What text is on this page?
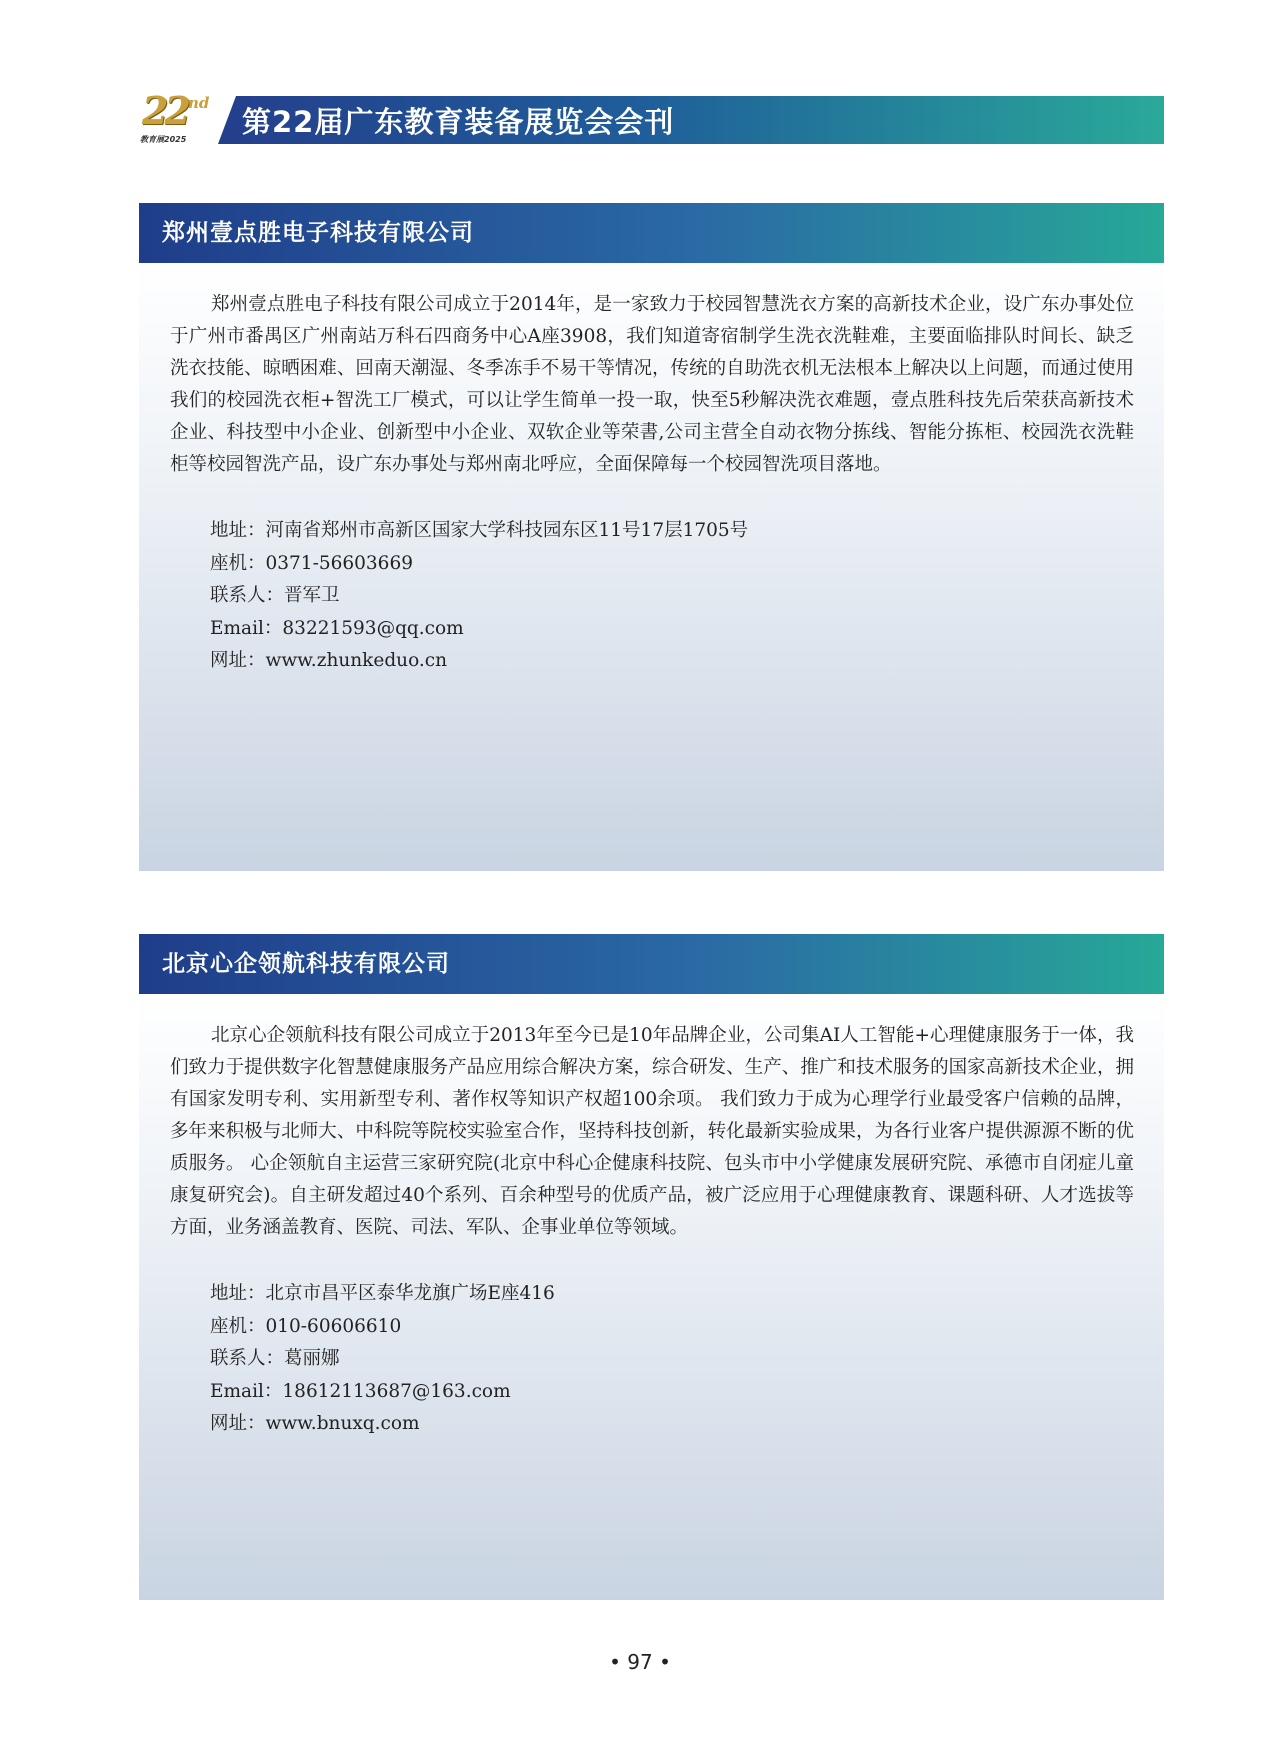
22 nd
教育展2025
第22届广东教育装备展览会会刊
郑州壹点胜电子科技有限公司

郑州壹点胜电子科技有限公司成立于2014年，是一家致力于校园智慧洗衣方案的高新技术企业，设广东办事处位于广州市番禺区广州南站万科石四商务中心A座3908，我们知道寄宿制学生洗衣洗鞋难，主要面临排队时间长、缺乏洗衣技能、晾晒困难、回南天潮湿、冬季冻手不易干等情况，传统的自助洗衣机无法根本上解决以上问题，而通过使用我们的校园洗衣柜+智洗工厂模式，可以让学生简单一投一取，快至5秒解决洗衣难题，壹点胜科技先后荣获高新技术企业、科技型中小企业、创新型中小企业、双软企业等荣書,公司主营全自动衣物分拣线、智能分拣柜、校园洗衣洗鞋柜等校园智洗产品，设广东办事处与郑州南北呼应，全面保障每一个校园智洗项目落地。

地址：河南省郑州市高新区国家大学科技园东区11号17层1705号
座机：0371-56603669
联系人：晋军卫
Email：83221593@qq.com
网址：www.zhunkeduo.cn
北京心企领航科技有限公司

北京心企领航科技有限公司成立于2013年至今已是10年品牌企业，公司集AI人工智能+心理健康服务于一体，我们致力于提供数字化智慧健康服务产品应用综合解决方案，综合研发、生产、推广和技术服务的国家高新技术企业，拥有国家发明专利、实用新型专利、著作权等知识产权超100余项。 我们致力于成为心理学行业最受客户信赖的品牌，多年来积极与北师大、中科院等院校实验室合作，坚持科技创新，转化最新实验成果，为各行业客户提供源源不断的优质服务。 心企领航自主运营三家研究院(北京中科心企健康科技院、包头市中小学健康发展研究院、承德市自闭症儿童康复研究会)。自主研发超过40个系列、百余种型号的优质产品，被广泛应用于心理健康教育、课题科研、人才选拔等方面，业务涵盖教育、医院、司法、军队、企事业单位等领域。

地址：北京市昌平区泰华龙旗广场E座416
座机：010-60606610
联系人：葛丽娜
Email：18612113687@163.com
网址：www.bnuxq.com
• 97 •
